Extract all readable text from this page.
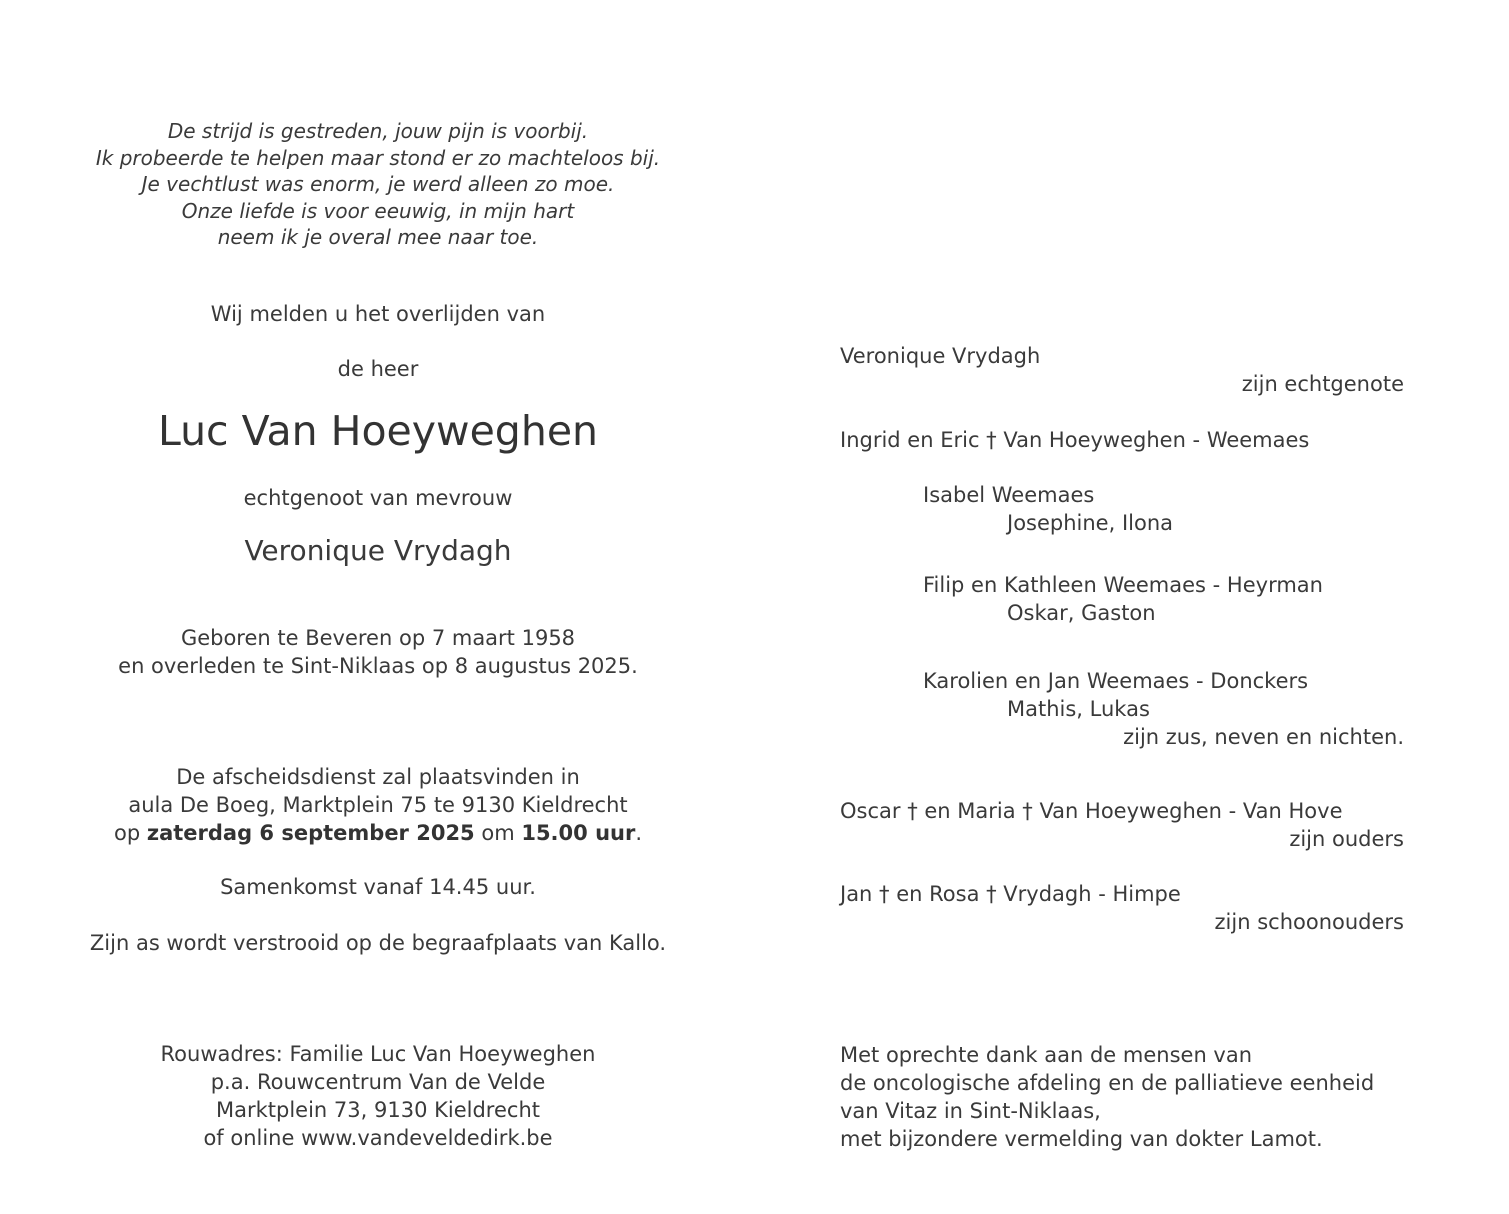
De strijd is gestreden, jouw pijn is voorbij.
Ik probeerde te helpen maar stond er zo machteloos bij.
Je vechtlust was enorm, je werd alleen zo moe.
Onze liefde is voor eeuwig, in mijn hart
neem ik je overal mee naar toe.
Wij melden u het overlijden van
de heer
Luc Van Hoeyweghen
echtgenoot van mevrouw
Veronique Vrydagh
Geboren te Beveren op 7 maart 1958
en overleden te Sint-Niklaas op 8 augustus 2025.
De afscheidsdienst zal plaatsvinden in
aula De Boeg, Marktplein 75 te 9130 Kieldrecht
op zaterdag 6 september 2025 om 15.00 uur.
Samenkomst vanaf 14.45 uur.
Zijn as wordt verstrooid op de begraafplaats van Kallo.
Rouwadres: Familie Luc Van Hoeyweghen
p.a. Rouwcentrum Van de Velde
Marktplein 73, 9130 Kieldrecht
of online www.vandeveldedirk.be
Veronique Vrydagh
zijn echtgenote
Ingrid en Eric † Van Hoeyweghen - Weemaes
Isabel Weemaes
Josephine, Ilona
Filip en Kathleen Weemaes - Heyrman
Oskar, Gaston
Karolien en Jan Weemaes - Donckers
Mathis, Lukas
zijn zus, neven en nichten.
Oscar † en Maria † Van Hoeyweghen - Van Hove
zijn ouders
Jan † en Rosa † Vrydagh - Himpe
zijn schoonouders
Met oprechte dank aan de mensen van
de oncologische afdeling en de palliatieve eenheid
van Vitaz in Sint-Niklaas,
met bijzondere vermelding van dokter Lamot.
